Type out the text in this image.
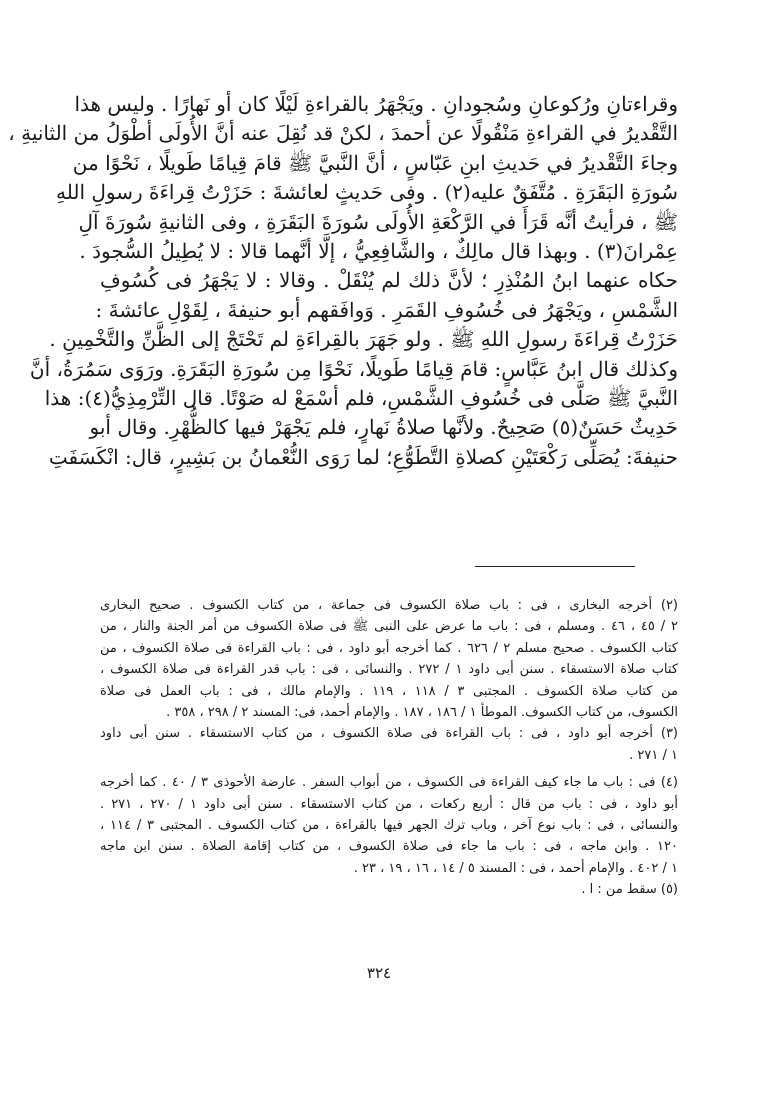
وقراءتانِ ورُكوعانِ وسُجودانِ . ويَجْهَرُ بالقراءةِ لَيْلًا كان أو نَهارًا . وليس هذا
التَّقْديرُ في القراءةِ مَنْقُولًا عن أحمدَ ، لكنْ قد نُقِلَ عنه أنَّ الأُولَى أطْوَلُ من الثانيةِ ،
وجاءَ التَّقْديرُ في حَديثِ ابنِ عَبّاسٍ ، أنَّ النَّبيَّ ﷺ قامَ قِيامًا طَويلًا ، نَحْوًا من
سُورَةِ البَقَرَةِ . مُتَّفَقٌ عليه(٢) . وفى حَديثٍ لعائشةَ : حَزَرْتُ قِراءَةَ رسولِ اللهِ
ﷺ ، فرأيتُ أنَّه قَرَأَ في الرَّكْعَةِ الأُولَى سُورَةَ البَقَرَةِ ، وفى الثانيةِ سُورَةَ آلِ
عِمْرانَ(٣) . وبهذا قال مالِكٌ ، والشَّافِعِيُّ ، إلَّا أنَّهما قالا : لا يُطِيلُ السُّجودَ .
حكاه عنهما ابنُ المُنْذِرِ ؛ لأنَّ ذلك لم يُنْقَلْ . وقالا : لا يَجْهَرُ فى كُسُوفِ
الشَّمْسِ ، ويَجْهَرُ فى خُسُوفِ القَمَرِ . وَوافَقهم أبو حنيفةَ ، لِقَوْلِ عائشةَ :
حَزَرْتُ قِراءَةَ رسولِ اللهِ ﷺ . ولو جَهَرَ بالقِراءَةِ لم تَحْتَجْ إلى الظَّنِّ والتَّخْمِينِ .
وكذلك قال ابنُ عَبَّاسٍ: قامَ قِيامًا طَويلًا، نَحْوًا مِن سُورَةِ البَقَرَةِ. ورَوَى سَمُرَةُ، أنَّ
النَّبيَّ ﷺ صَلَّى فى خُسُوفِ الشَّمْسِ، فلم أسْمَعْ له صَوْتًا. قال التِّرْمِذِيُّ(٤): هذا
حَدِيثٌ حَسَنٌ(٥) صَحِيحٌ. ولأنَّها صلاةُ نَهارٍ، فلم يَجْهَرْ فيها كالظُّهْرِ. وقال أبو
حنيفةَ: يُصَلِّى رَكْعَتَيْنِ كصلاةِ التَّطَوُّعِ؛ لما رَوَى النُّعْمانُ بن بَشِيرٍ، قال: انْكَسَفَتِ
(٢) أخرجه البخارى ، فى : باب صلاة الكسوف فى جماعة ، من كتاب الكسوف . صحيح البخارى
٢ / ٤٥ ، ٤٦ . ومسلم ، فى : باب ما عرض على النبى ﷺ فى صلاة الكسوف من أمر الجنة والنار ، من
كتاب الكسوف . صحيح مسلم ٢ / ٦٢٦ . كما أخرجه أبو داود ، فى : باب القراءة فى صلاة الكسوف ، من
كتاب صلاة الاستسقاء . سنن أبى داود ١ / ٢٧٢ . والنسائى ، فى : باب قدر القراءة فى صلاة الكسوف ،
من كتاب صلاة الكسوف . المجتبى ٣ / ١١٨ ، ١١٩ . والإمام مالك ، فى : باب العمل فى صلاة
الكسوف، من كتاب الكسوف. الموطأ ١ / ١٨٦ ، ١٨٧ . والإمام أحمد، فى: المسند ٢ / ٢٩٨ ، ٣٥٨ .
(٣) أخرجه أبو داود ، فى : باب القراءة فى صلاة الكسوف ، من كتاب الاستسقاء . سنن أبى داود
١ / ٢٧١ .
(٤) فى : باب ما جاء كيف القراءة فى الكسوف ، من أبواب السفر . عارضة الأحوذى ٣ / ٤٠ . كما أخرجه
أبو داود ، فى : باب من قال : أربع ركعات ، من كتاب الاستسقاء . سنن أبى داود ١ / ٢٧٠ ، ٢٧١ .
والنسائى ، فى : باب نوع آخر ، وباب ترك الجهر فيها بالقراءة ، من كتاب الكسوف . المجتبى ٣ / ١١٤ ،
١٢٠ . وابن ماجه ، فى : باب ما جاء فى صلاة الكسوف ، من كتاب إقامة الصلاة . سنن ابن ماجه
١ / ٤٠٢ . والإمام أحمد ، فى : المسند ٥ / ١٤ ، ١٦ ، ١٩ ، ٢٣ .
(٥) سقط من : ا .
٣٢٤
